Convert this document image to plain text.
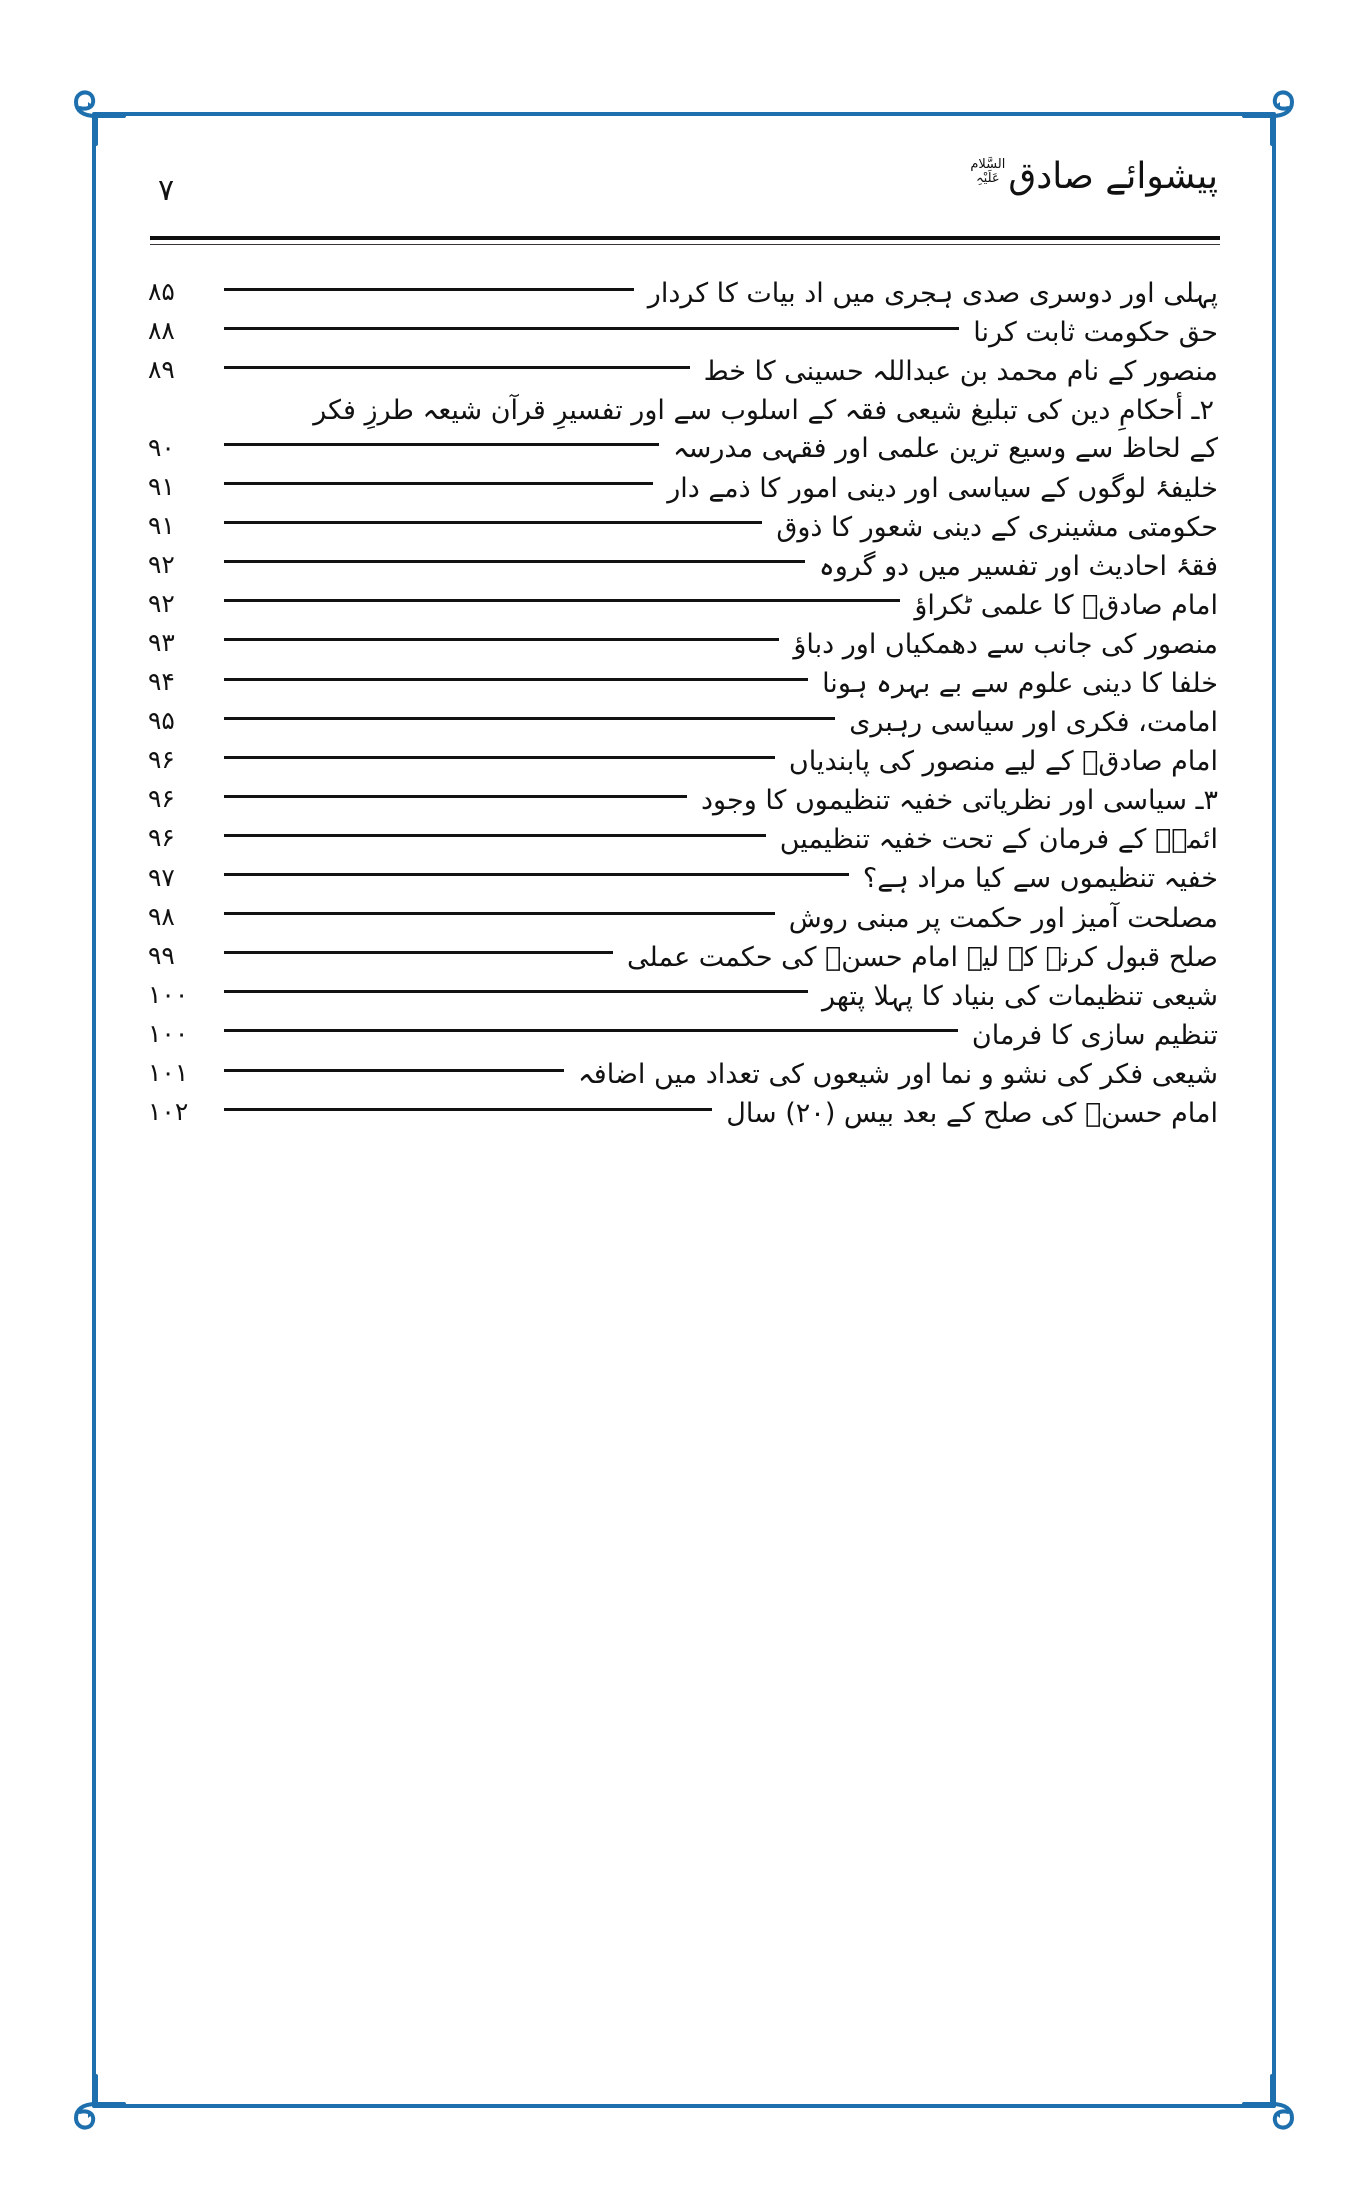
۷	پیشوائے صادق
السَّلام
عَلَیْہِ
پہلی اور دوسری صدی ہجری میں اد بیات کا کردار
۸۵
حق حکومت ثابت کرنا
۸۸
منصور کے نام محمد بن عبداللہ حسینی کا خط
۸۹
۲ـ أحکامِ دین کی تبلیغ شیعی فقہ کے اسلوب سے اور تفسیرِ قرآن شیعہ طرزِ فکر
کے لحاظ سے وسیع ترین علمی اور فقہی مدرسہ
۹۰
خلیفۂ لوگوں کے سیاسی اور دینی امور کا ذمے دار
۹۱
حکومتی مشینری کے دینی شعور کا ذوق
۹۱
فقۂ احادیث اور تفسیر میں دو گروہ
۹۲
امام صادقؑ کا علمی ٹکراؤ
۹۲
منصور کی جانب سے دھمکیاں اور دباؤ
۹۳
خلفا کا دینی علوم سے بے بہرہ ہونا
۹۴
امامت، فکری اور سیاسی رہبری
۹۵
امام صادقؑ کے لیے منصور کی پابندیاں
۹۶
۳ـ سیاسی اور نظریاتی خفیہ تنظیموں کا وجود
۹۶
ائمہؑ کے فرمان کے تحت خفیہ تنظیمیں
۹۶
خفیہ تنظیموں سے کیا مراد ہے؟
۹۷
مصلحت آمیز اور حکمت پر مبنی روش
۹۸
صلح قبول کرنے کے لیے امام حسنؑ کی حکمت عملی
۹۹
شیعی تنظیمات کی بنیاد کا پہلا پتھر
۱۰۰
تنظیم سازی کا فرمان
۱۰۰
شیعی فکر کی نشو و نما اور شیعوں کی تعداد میں اضافہ
۱۰۱
امام حسنؑ کی صلح کے بعد بیس (۲۰) سال
۱۰۲
